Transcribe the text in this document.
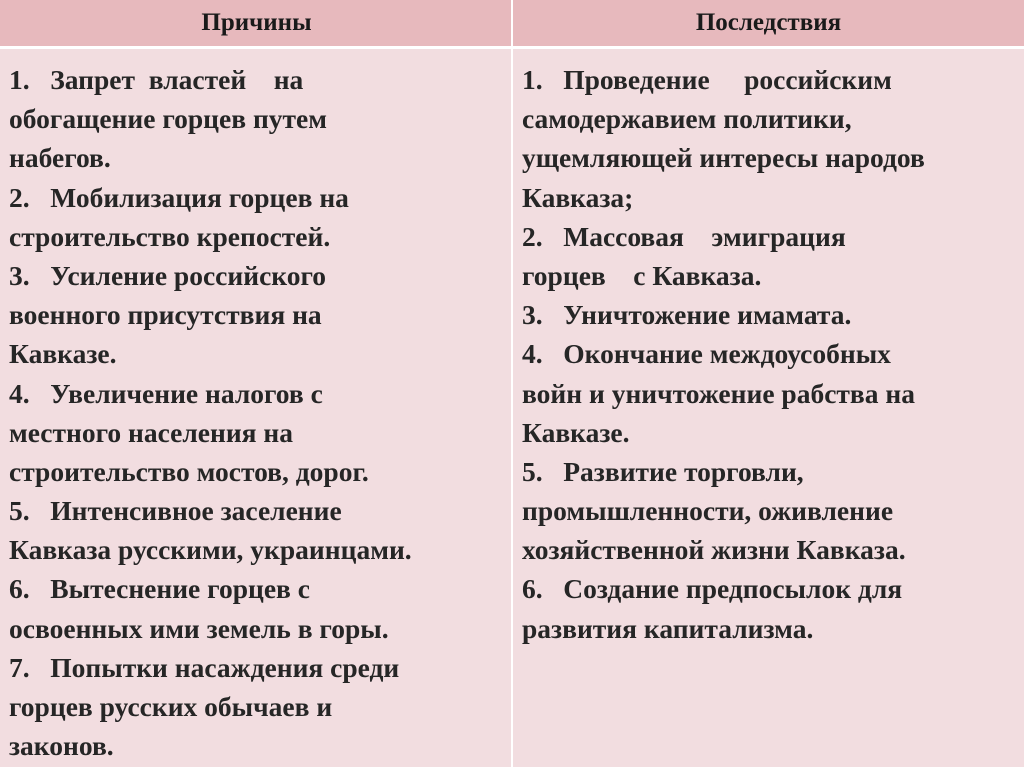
Причины	Последствия
1.   Запрет  властей    на
обогащение горцев путем
набегов.
2.   Мобилизация горцев на
строительство крепостей.
3.   Усиление российского
военного присутствия на
Кавказе.
4.   Увеличение налогов с
местного населения на
строительство мостов, дорог.
5.   Интенсивное заселение
Кавказа русскими, украинцами.
6.   Вытеснение горцев с
освоенных ими земель в горы.
7.   Попытки насаждения среди
горцев русских обычаев и
законов.
1.   Проведение     российским
самодержавием политики,
ущемляющей интересы народов
Кавказа;
2.   Массовая    эмиграция
горцев    с Кавказа.
3.   Уничтожение имамата.
4.   Окончание междоусобных
войн и уничтожение рабства на
Кавказе.
5.   Развитие торговли,
промышленности, оживление
хозяйственной жизни Кавказа.
6.   Создание предпосылок для
развития капитализма.
